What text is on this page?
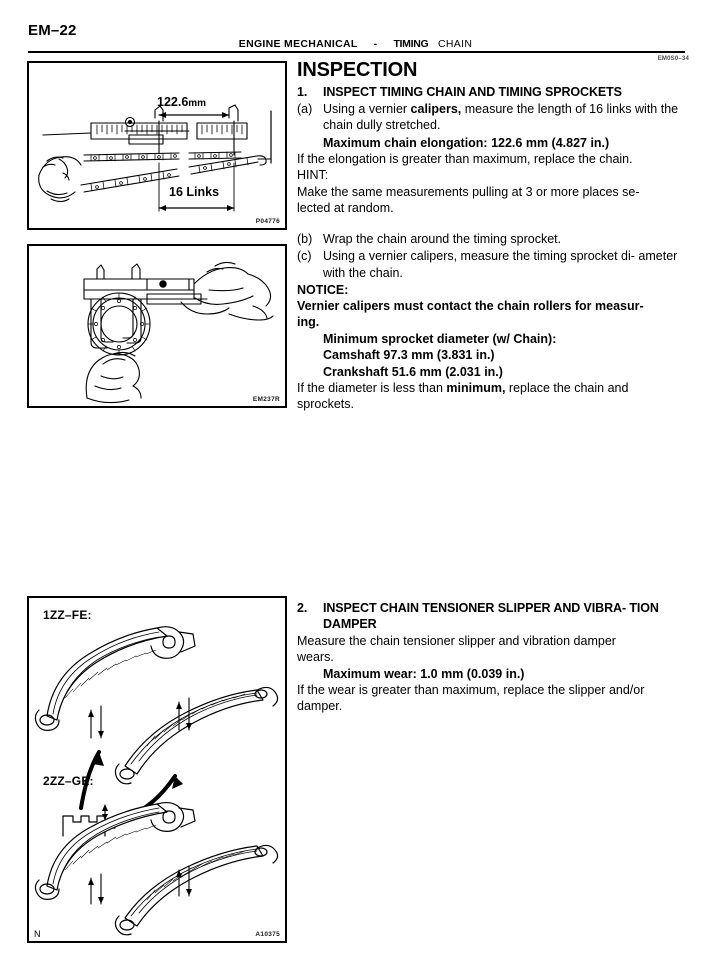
EM–22
ENGINE MECHANICAL - TIMING CHAIN
EM0S0–34
122.6mm
16 Links
P04776
EM237R
1ZZ–FE:
2ZZ–GE:
N	A10375
INSPECTION
1.	INSPECT TIMING CHAIN AND TIMING SPROCKETS
(a) Using a vernier calipers, measure the length of 16 links with the chain dully stretched.
Maximum chain elongation: 122.6 mm (4.827 in.)
If the elongation is greater than maximum, replace the chain.
HINT:
Make the same measurements pulling at 3 or more places se-
lected at random.
(b) Wrap the chain around the timing sprocket.
(c) Using a vernier calipers, measure the timing sprocket di- ameter with the chain.
NOTICE:
Vernier calipers must contact the chain rollers for measur-
ing.
Minimum sprocket diameter (w/ Chain):
Camshaft 97.3 mm (3.831 in.)
Crankshaft 51.6 mm (2.031 in.)
If the diameter is less than minimum, replace the chain and
sprockets.
2.	INSPECT CHAIN TENSIONER SLIPPER AND VIBRA- TION DAMPER
Measure the chain tensioner slipper and vibration damper
wears.
Maximum wear: 1.0 mm (0.039 in.)
If the wear is greater than maximum, replace the slipper and/or
damper.
